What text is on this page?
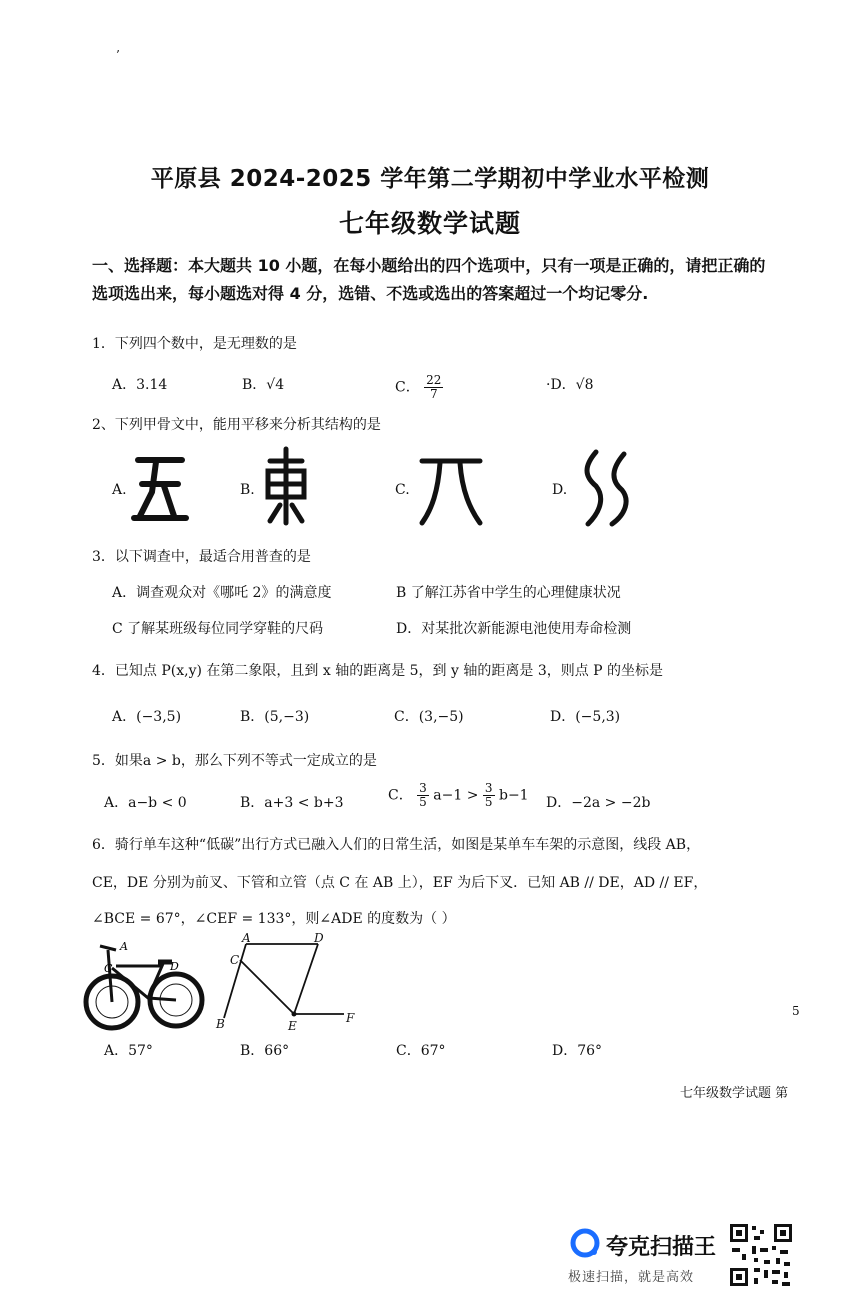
’
平原县 2024-2025 学年第二学期初中学业水平检测
七年级数学试题
一、选择题：本大题共 10 小题，在每小题给出的四个选项中，只有一项是正确的，请把正确的选项选出来，每小题选对得 4 分，选错、不选或选出的答案超过一个均记零分.
1．下列四个数中，是无理数的是
A．3.14	B．√4	C． $\frac{22}{7}$	·D．√8
2、下列甲骨文中，能用平移来分析其结构的是
A.	B.	C.	D.
3．以下调查中，最适合用普查的是
A．调查观众对《哪吒 2》的满意度	B 了解江苏省中学生的心理健康状况
C 了解某班级每位同学穿鞋的尺码	D．对某批次新能源电池使用寿命检测
4．已知点 P(x,y) 在第二象限，且到 x 轴的距离是 5，到 y 轴的距离是 3，则点 P 的坐标是
A．(−3,5)	B．(5,−3)	C．(3,−5)	D．(−5,3)
5．如果a > b，那么下列不等式一定成立的是
A．a−b < 0	B．a+3 < b+3	C． $\frac{3}{5} a-1 > \frac{3}{5} b-1$ D．−2a > −2b
6．骑行单车这种“低碳”出行方式已融入人们的日常生活，如图是某单车车架的示意图，线段 AB，
CE，DE 分别为前叉、下管和立管（点 C 在 AB 上），EF 为后下叉．已知 AB // DE，AD // EF，
∠BCE = 67°，∠CEF = 133°，则∠ADE 的度数为（ ）
A
C	D
A
C
D
B	E
F
A．57°	B．66°	C．67°	D．76°
5
七年级数学试题 第
夸克扫描王
极速扫描，就是高效
